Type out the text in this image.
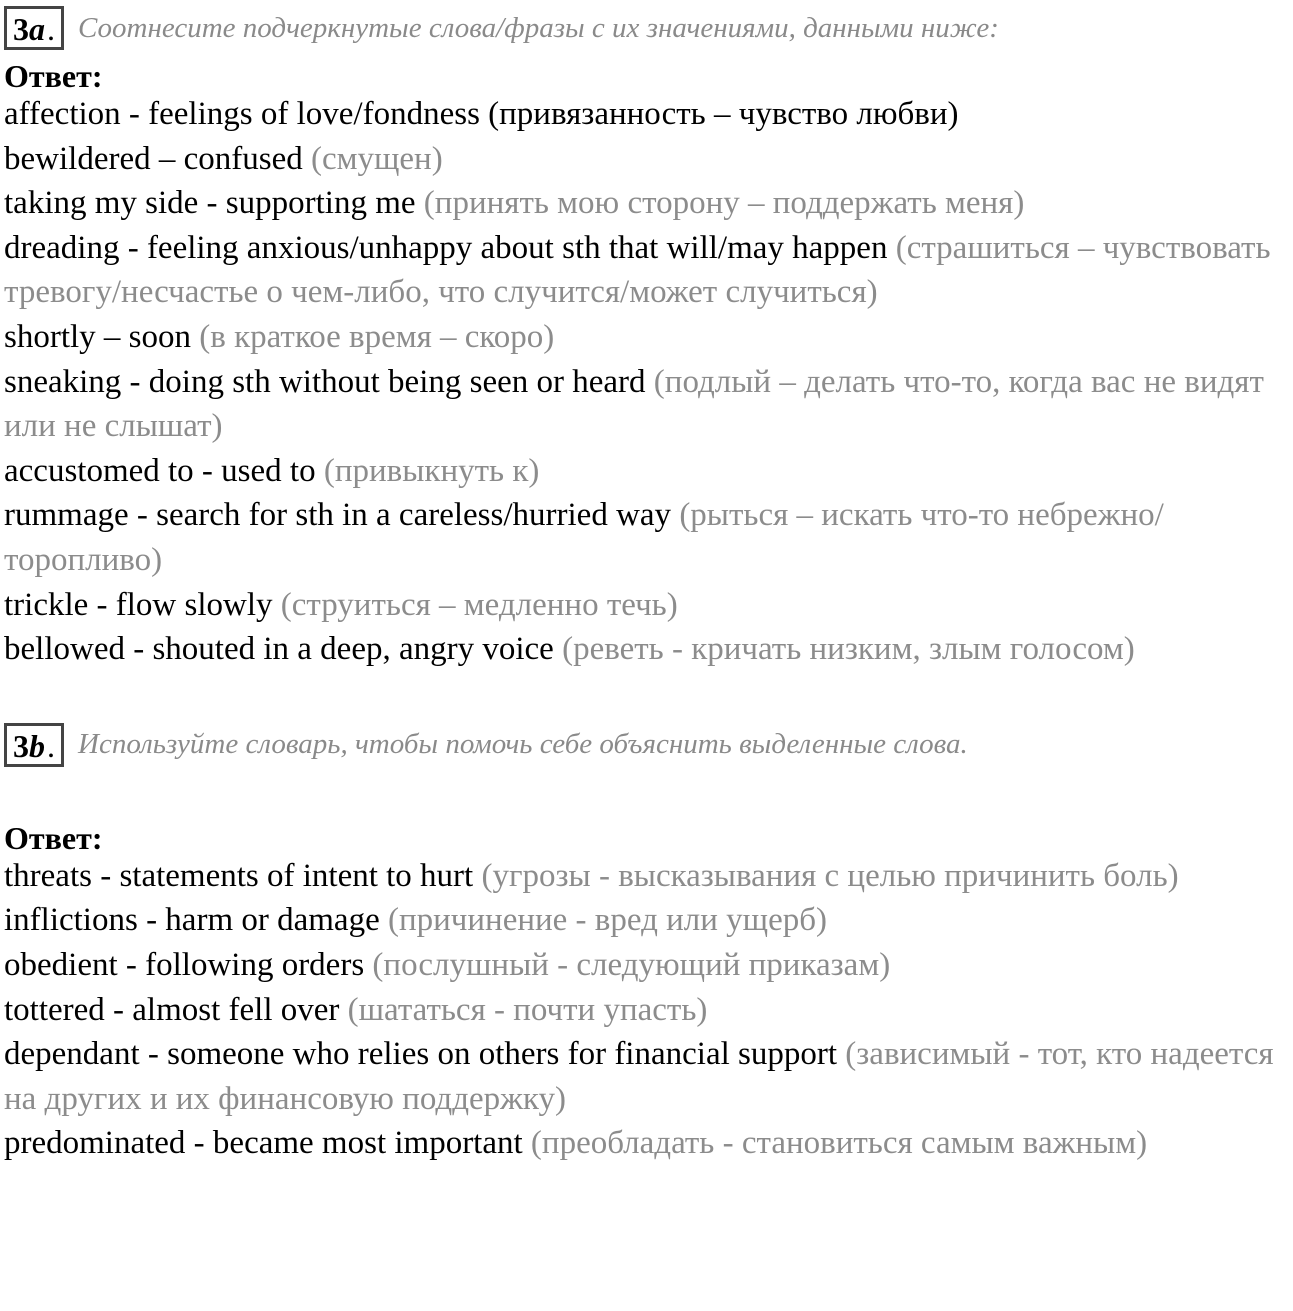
3 a . Соотнесите подчеркнутые слова/фразы с их значениями, данными ниже:
Ответ:
affection - feelings of love/fondness (привязанность – чувство любви)
bewildered – confused (смущен)
taking my side - supporting me (принять мою сторону – поддержать меня)
dreading - feeling anxious/unhappy about sth that will/may happen (страшиться – чувствовать тревогу/несчастье о чем-либо, что случится/может случиться)
shortly – soon (в краткое время – скоро)
sneaking - doing sth without being seen or heard (подлый – делать что-то, когда вас не видят или не слышат)
accustomed to - used to (привыкнуть к)
rummage - search for sth in a careless/hurried way (рыться – искать что-то небрежно/торопливо)
trickle - flow slowly (струиться – медленно течь)
bellowed - shouted in a deep, angry voice (реветь - кричать низким, злым голосом)
3 b . Используйте словарь, чтобы помочь себе объяснить выделенные слова.
Ответ:
threats - statements of intent to hurt (угрозы - высказывания с целью причинить боль)
inflictions - harm or damage (причинение - вред или ущерб)
obedient - following orders (послушный - следующий приказам)
tottered - almost fell over (шататься - почти упасть)
dependant - someone who relies on others for financial support (зависимый - тот, кто надеется на других и их финансовую поддержку)
predominated - became most important (преобладать - становиться самым важным)
